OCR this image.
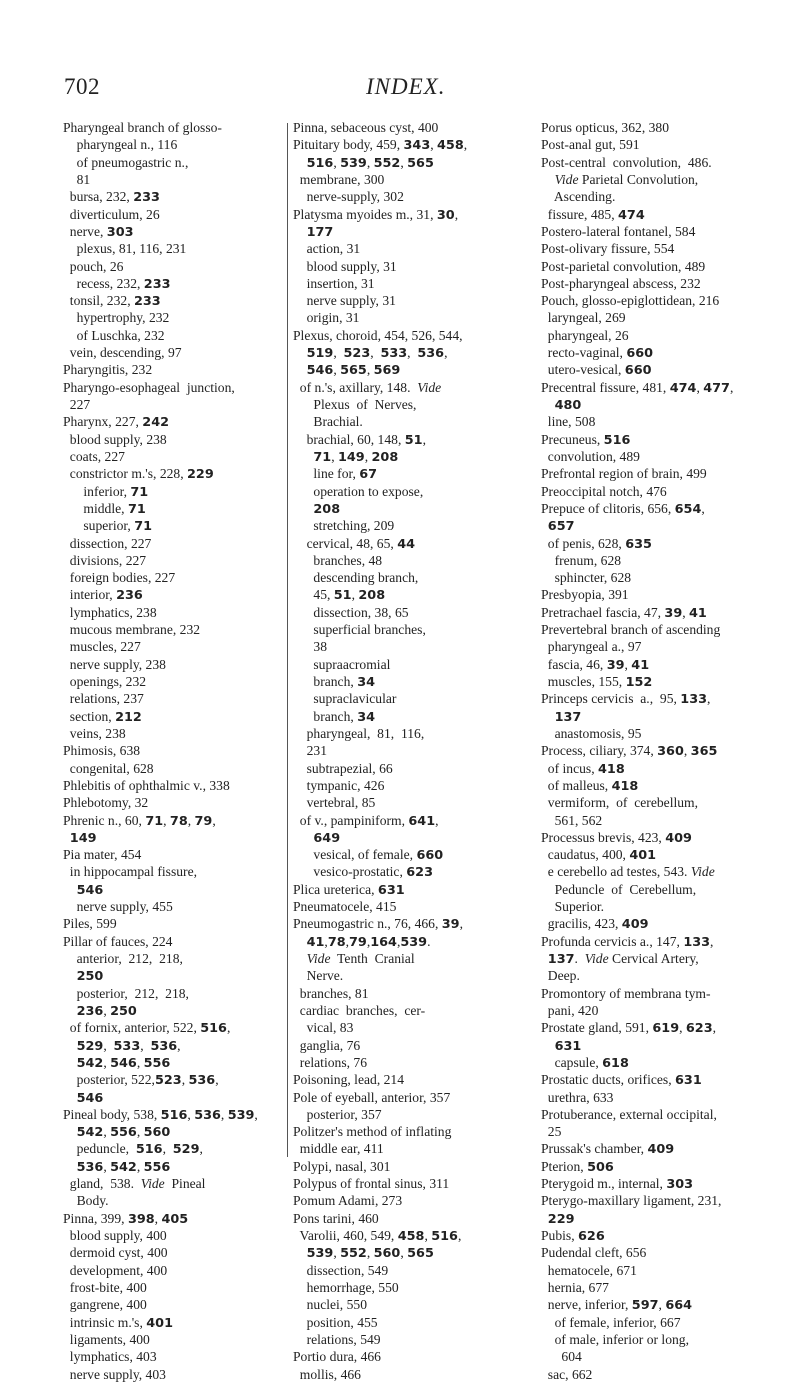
702	INDEX.
Pharyngeal branch of glosso-
pharyngeal n., 116
of pneumogastric n.,
81
bursa, 232, 233
diverticulum, 26
nerve, 303
plexus, 81, 116, 231
pouch, 26
recess, 232, 233
tonsil, 232, 233
hypertrophy, 232
of Luschka, 232
vein, descending, 97
Pharyngitis, 232
Pharyngo-esophageal  junction,
227
Pharynx, 227, 242
blood supply, 238
coats, 227
constrictor m.'s, 228, 229
inferior, 71
middle, 71
superior, 71
dissection, 227
divisions, 227
foreign bodies, 227
interior, 236
lymphatics, 238
mucous membrane, 232
muscles, 227
nerve supply, 238
openings, 232
relations, 237
section, 212
veins, 238
Phimosis, 638
congenital, 628
Phlebitis of ophthalmic v., 338
Phlebotomy, 32
Phrenic n., 60, 71, 78, 79,
149
Pia mater, 454
in hippocampal fissure,
546
nerve supply, 455
Piles, 599
Pillar of fauces, 224
anterior,  212,  218,
250
posterior,  212,  218,
236, 250
of fornix, anterior, 522, 516,
529,  533,  536,
542, 546, 556
posterior, 522,523, 536,
546
Pineal body, 538, 516, 536, 539,
542, 556, 560
peduncle,  516,  529,
536, 542, 556
gland,  538.  Vide  Pineal
Body.
Pinna, 399, 398, 405
blood supply, 400
dermoid cyst, 400
development, 400
frost-bite, 400
gangrene, 400
intrinsic m.'s, 401
ligaments, 400
lymphatics, 403
nerve supply, 403
Pinna, sebaceous cyst, 400
Pituitary body, 459, 343, 458,
516, 539, 552, 565
membrane, 300
nerve-supply, 302
Platysma myoides m., 31, 30,
177
action, 31
blood supply, 31
insertion, 31
nerve supply, 31
origin, 31
Plexus, choroid, 454, 526, 544,
519,  523,  533,  536,
546, 565, 569
of n.'s, axillary, 148.  Vide
Plexus  of  Nerves,
Brachial.
brachial, 60, 148, 51,
71, 149, 208
line for, 67
operation to expose,
208
stretching, 209
cervical, 48, 65, 44
branches, 48
descending branch,
45, 51, 208
dissection, 38, 65
superficial branches,
38
supraacromial
branch, 34
supraclavicular
branch, 34
pharyngeal,  81,  116,
231
subtrapezial, 66
tympanic, 426
vertebral, 85
of v., pampiniform, 641,
649
vesical, of female, 660
vesico-prostatic, 623
Plica ureterica, 631
Pneumatocele, 415
Pneumogastric n., 76, 466, 39,
41,78,79,164,539.
Vide  Tenth  Cranial
Nerve.
branches, 81
cardiac  branches,  cer-
vical, 83
ganglia, 76
relations, 76
Poisoning, lead, 214
Pole of eyeball, anterior, 357
posterior, 357
Politzer's method of inflating
middle ear, 411
Polypi, nasal, 301
Polypus of frontal sinus, 311
Pomum Adami, 273
Pons tarini, 460
Varolii, 460, 549, 458, 516,
539, 552, 560, 565
dissection, 549
hemorrhage, 550
nuclei, 550
position, 455
relations, 549
Portio dura, 466
mollis, 466
Porus opticus, 362, 380
Post-anal gut, 591
Post-central  convolution,  486.
Vide Parietal Convolution,
Ascending.
fissure, 485, 474
Postero-lateral fontanel, 584
Post-olivary fissure, 554
Post-parietal convolution, 489
Post-pharyngeal abscess, 232
Pouch, glosso-epiglottidean, 216
laryngeal, 269
pharyngeal, 26
recto-vaginal, 660
utero-vesical, 660
Precentral fissure, 481, 474, 477,
480
line, 508
Precuneus, 516
convolution, 489
Prefrontal region of brain, 499
Preoccipital notch, 476
Prepuce of clitoris, 656, 654,
657
of penis, 628, 635
frenum, 628
sphincter, 628
Presbyopia, 391
Pretrachael fascia, 47, 39, 41
Prevertebral branch of ascending
pharyngeal a., 97
fascia, 46, 39, 41
muscles, 155, 152
Princeps cervicis  a.,  95, 133,
137
anastomosis, 95
Process, ciliary, 374, 360, 365
of incus, 418
of malleus, 418
vermiform,  of  cerebellum,
561, 562
Processus brevis, 423, 409
caudatus, 400, 401
e cerebello ad testes, 543. Vide
Peduncle  of  Cerebellum,
Superior.
gracilis, 423, 409
Profunda cervicis a., 147, 133,
137.  Vide Cervical Artery,
Deep.
Promontory of membrana tym-
pani, 420
Prostate gland, 591, 619, 623,
631
capsule, 618
Prostatic ducts, orifices, 631
urethra, 633
Protuberance, external occipital,
25
Prussak's chamber, 409
Pterion, 506
Pterygoid m., internal, 303
Pterygo-maxillary ligament, 231,
229
Pubis, 626
Pudendal cleft, 656
hematocele, 671
hernia, 677
nerve, inferior, 597, 664
of female, inferior, 667
of male, inferior or long,
604
sac, 662
